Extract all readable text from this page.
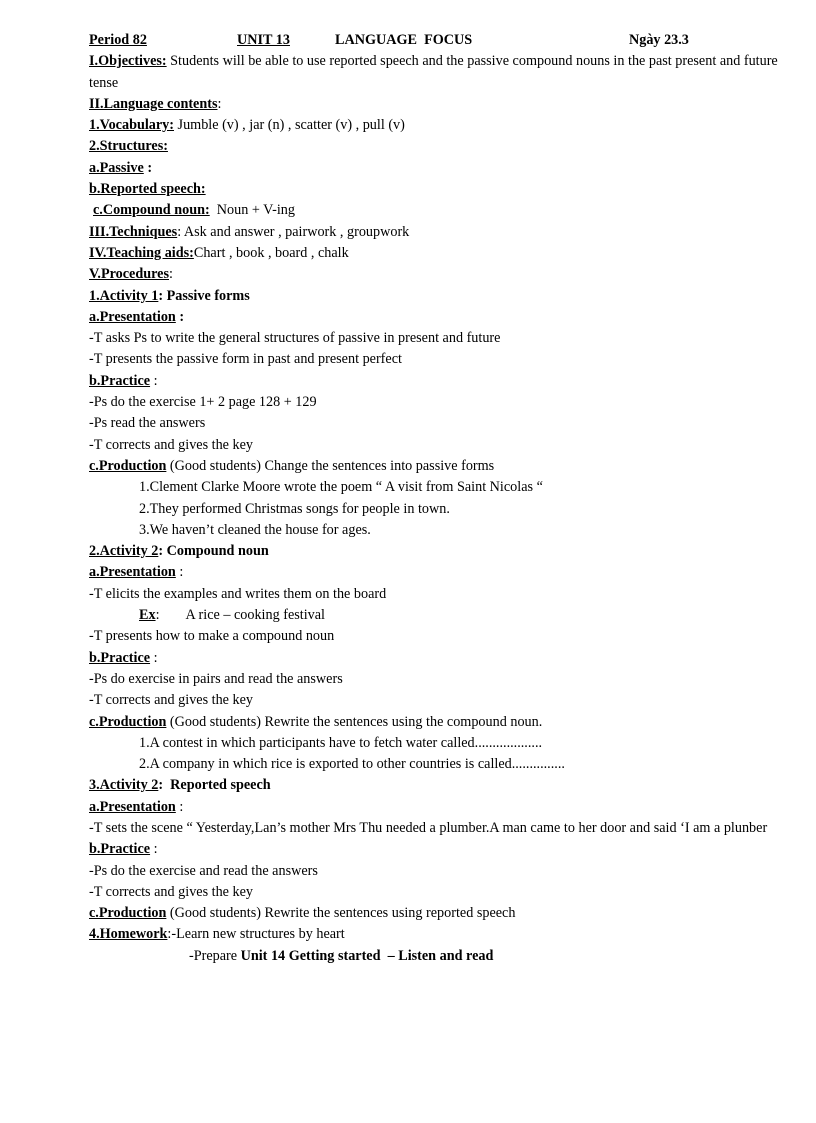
Period 82	UNIT 13	LANGUAGE  FOCUS	Ngày 23.3
I.Objectives: Students will be able to use reported speech and the passive compound nouns in the past present and future tense
II.Language contents:
1.Vocabulary: Jumble (v) , jar (n) , scatter (v) , pull (v)
2.Structures:
a.Passive :
b.Reported speech:
c.Compound noun:  Noun + V-ing
III.Techniques: Ask and answer , pairwork , groupwork
IV.Teaching aids:Chart , book , board , chalk
V.Procedures:
1.Activity 1: Passive forms
a.Presentation :
-T asks Ps to write the general structures of passive in present and future
-T presents the passive form in past and present perfect
b.Practice :
-Ps do the exercise 1+ 2 page 128 + 129
-Ps read the answers
-T corrects and gives the key
c.Production (Good students) Change the sentences into passive forms
1.Clement Clarke Moore wrote the poem “ A visit from Saint Nicolas “
2.They performed Christmas songs for people in town.
3.We haven’t cleaned the house for ages.
2.Activity 2: Compound noun
a.Presentation :
-T elicits the examples and writes them on the board
Ex: A rice – cooking festival
-T presents how to make a compound noun
b.Practice :
-Ps do exercise in pairs and read the answers
-T corrects and gives the key
c.Production (Good students) Rewrite the sentences using the compound noun.
1.A contest in which participants have to fetch water called...................
2.A company in which rice is exported to other countries is called...............
3.Activity 2:  Reported speech
a.Presentation :
-T sets the scene “ Yesterday,Lan’s mother Mrs Thu needed a plumber.A man came to her door and said ‘I am a plunber
b.Practice :
-Ps do the exercise and read the answers
-T corrects and gives the key
c.Production (Good students) Rewrite the sentences using reported speech
4.Homework:-Learn new structures by heart
-Prepare Unit 14 Getting started  – Listen and read
